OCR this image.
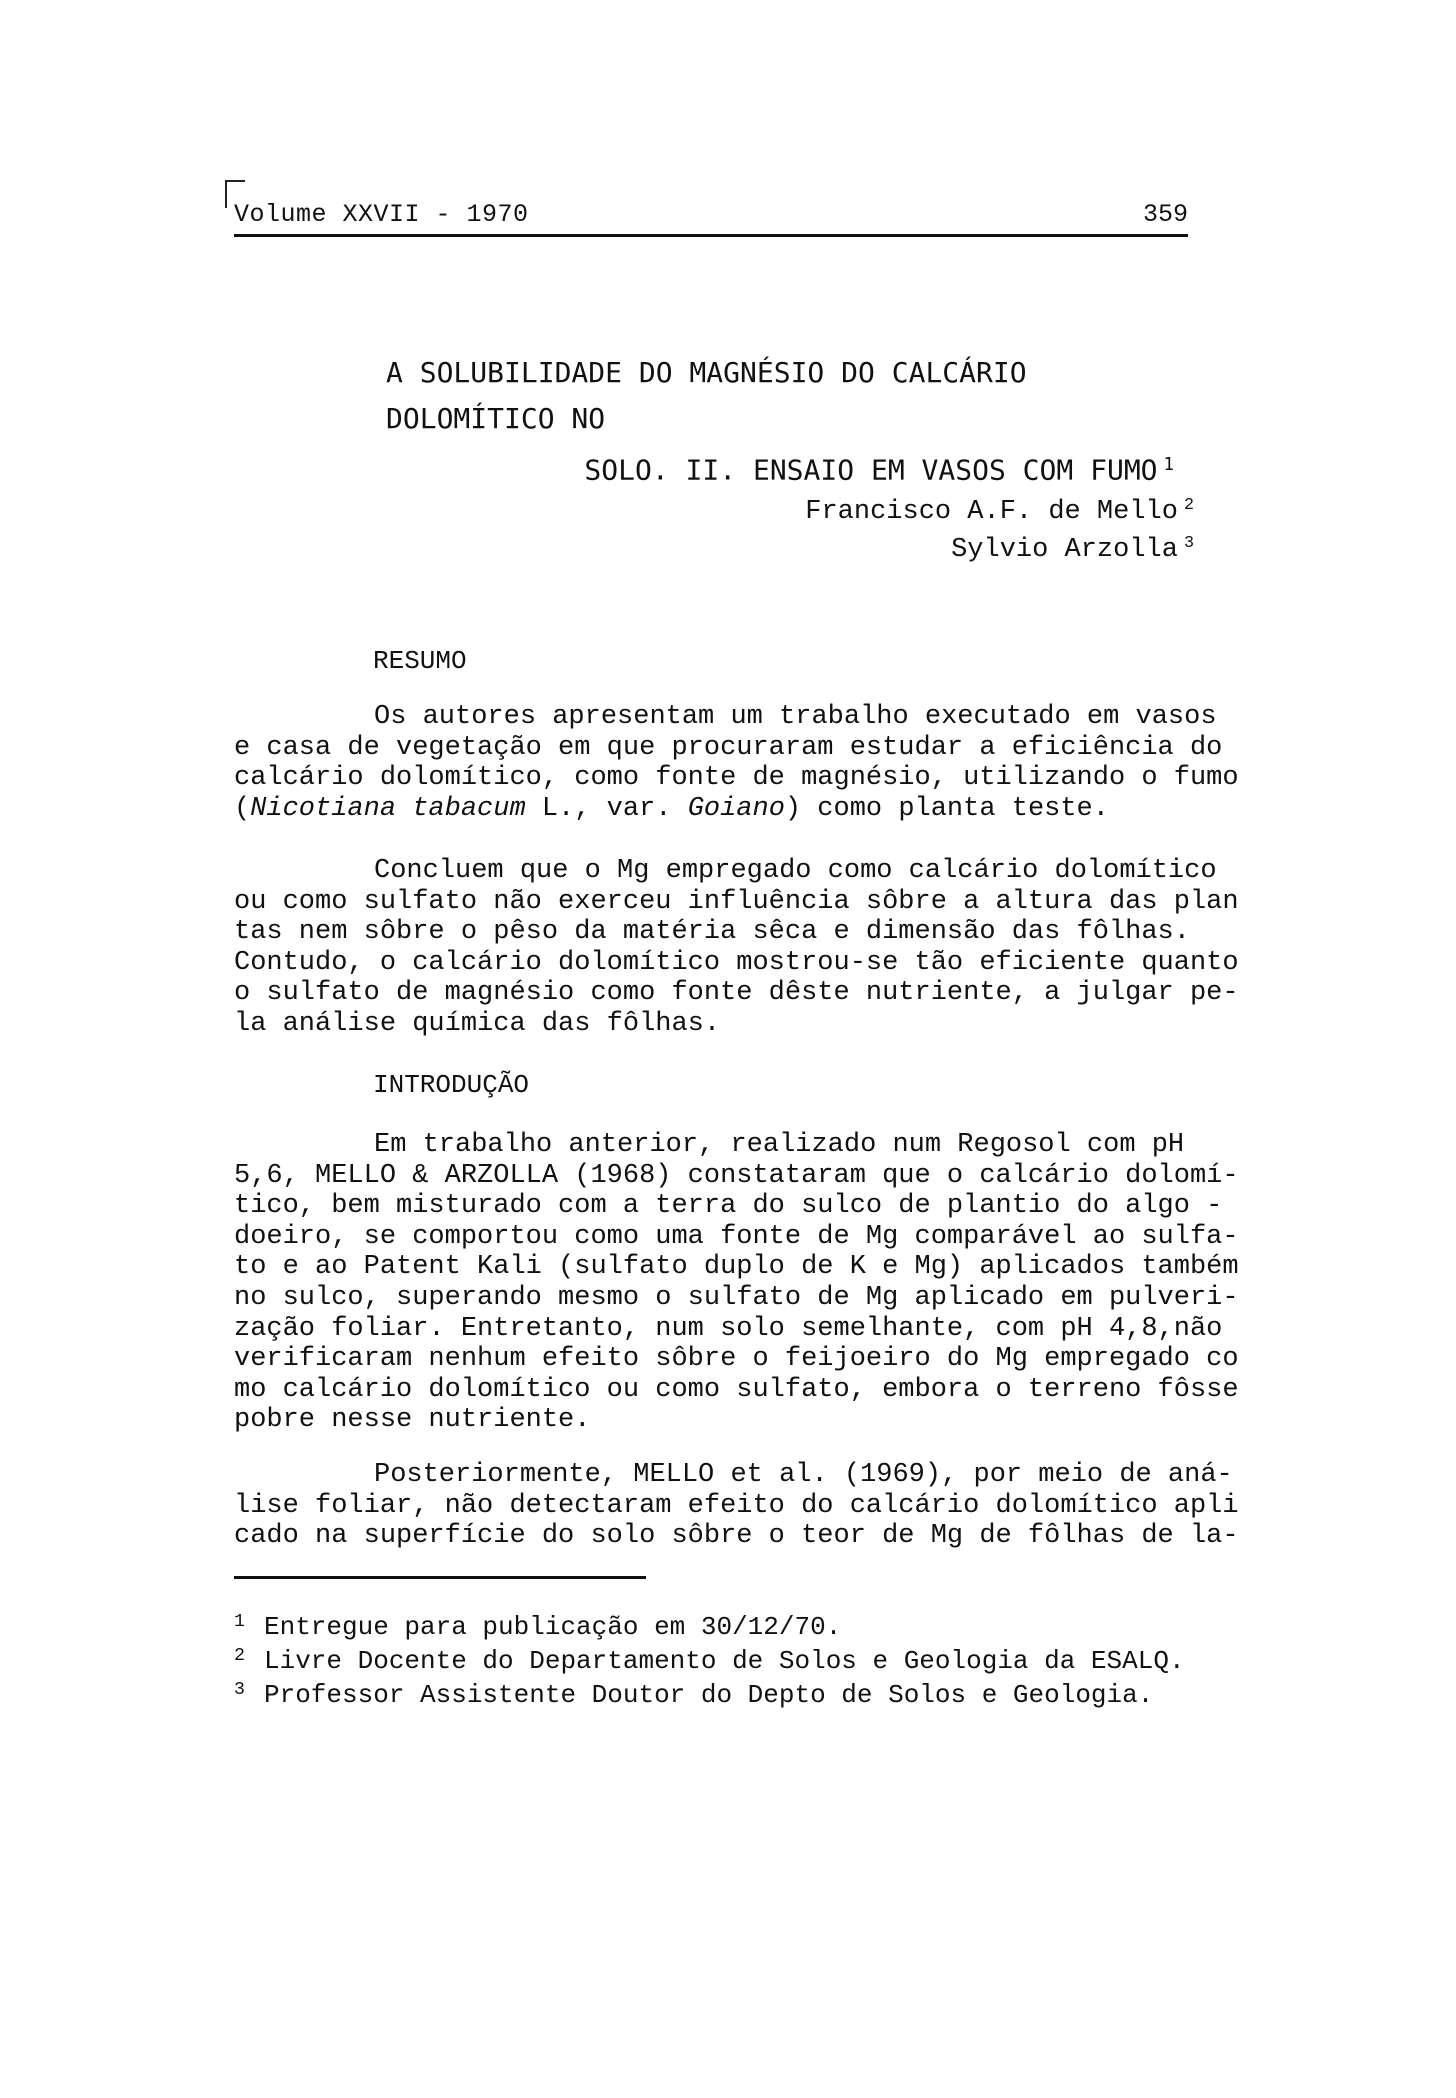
Volume XXVII - 1970	359
A SOLUBILIDADE DO MAGNÉSIO DO CALCÁRIO DOLOMÍTICO NO
SOLO. II. ENSAIO EM VASOS COM FUMO $^1$
Francisco A.F. de Mello $^2$
Sylvio Arzolla $^3$
RESUMO

Os autores apresentam um trabalho executado em vasos
e casa de vegetação em que procuraram estudar a eficiência do
calcário dolomítico, como fonte de magnésio, utilizando o fumo
(Nicotiana tabacum L., var. Goiano) como planta teste.

Concluem que o Mg empregado como calcário dolomítico
ou como sulfato não exerceu influência sôbre a altura das plan
tas nem sôbre o pêso da matéria sêca e dimensão das fôlhas.
Contudo, o calcário dolomítico mostrou-se tão eficiente quanto
o sulfato de magnésio como fonte dêste nutriente, a julgar pe-
la análise química das fôlhas.

INTRODUÇÃO

Em trabalho anterior, realizado num Regosol com pH
5,6, MELLO & ARZOLLA (1968) constataram que o calcário dolomí-
tico, bem misturado com a terra do sulco de plantio do algo -
doeiro, se comportou como uma fonte de Mg comparável ao sulfa-
to e ao Patent Kali (sulfato duplo de K e Mg) aplicados também
no sulco, superando mesmo o sulfato de Mg aplicado em pulveri-
zação foliar. Entretanto, num solo semelhante, com pH 4,8,não
verificaram nenhum efeito sôbre o feijoeiro do Mg empregado co
mo calcário dolomítico ou como sulfato, embora o terreno fôsse
pobre nesse nutriente.

Posteriormente, MELLO et al. (1969), por meio de aná-
lise foliar, não detectaram efeito do calcário dolomítico apli
cado na superfície do solo sôbre o teor de Mg de fôlhas de la-

1 Entregue para publicação em 30/12/70.
2 Livre Docente do Departamento de Solos e Geologia da ESALQ.
3 Professor Assistente Doutor do Depto de Solos e Geologia.
